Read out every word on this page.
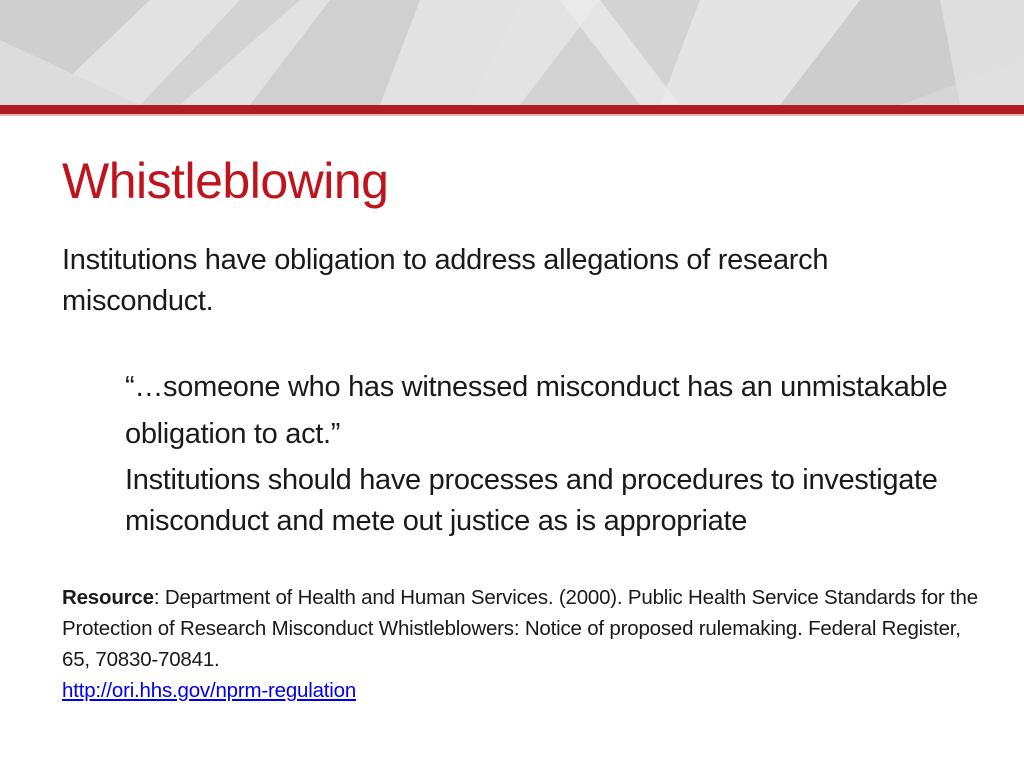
Whistleblowing

Institutions have obligation to address allegations of research misconduct.

“…someone who has witnessed misconduct has an unmistakable obligation to act.”

Institutions should have processes and procedures to investigate misconduct and mete out justice as is appropriate

Resource: Department of Health and Human Services. (2000). Public Health Service Standards for the Protection of Research Misconduct Whistleblowers: Notice of proposed rulemaking. Federal Register, 65, 70830-70841.
http://ori.hhs.gov/nprm-regulation
